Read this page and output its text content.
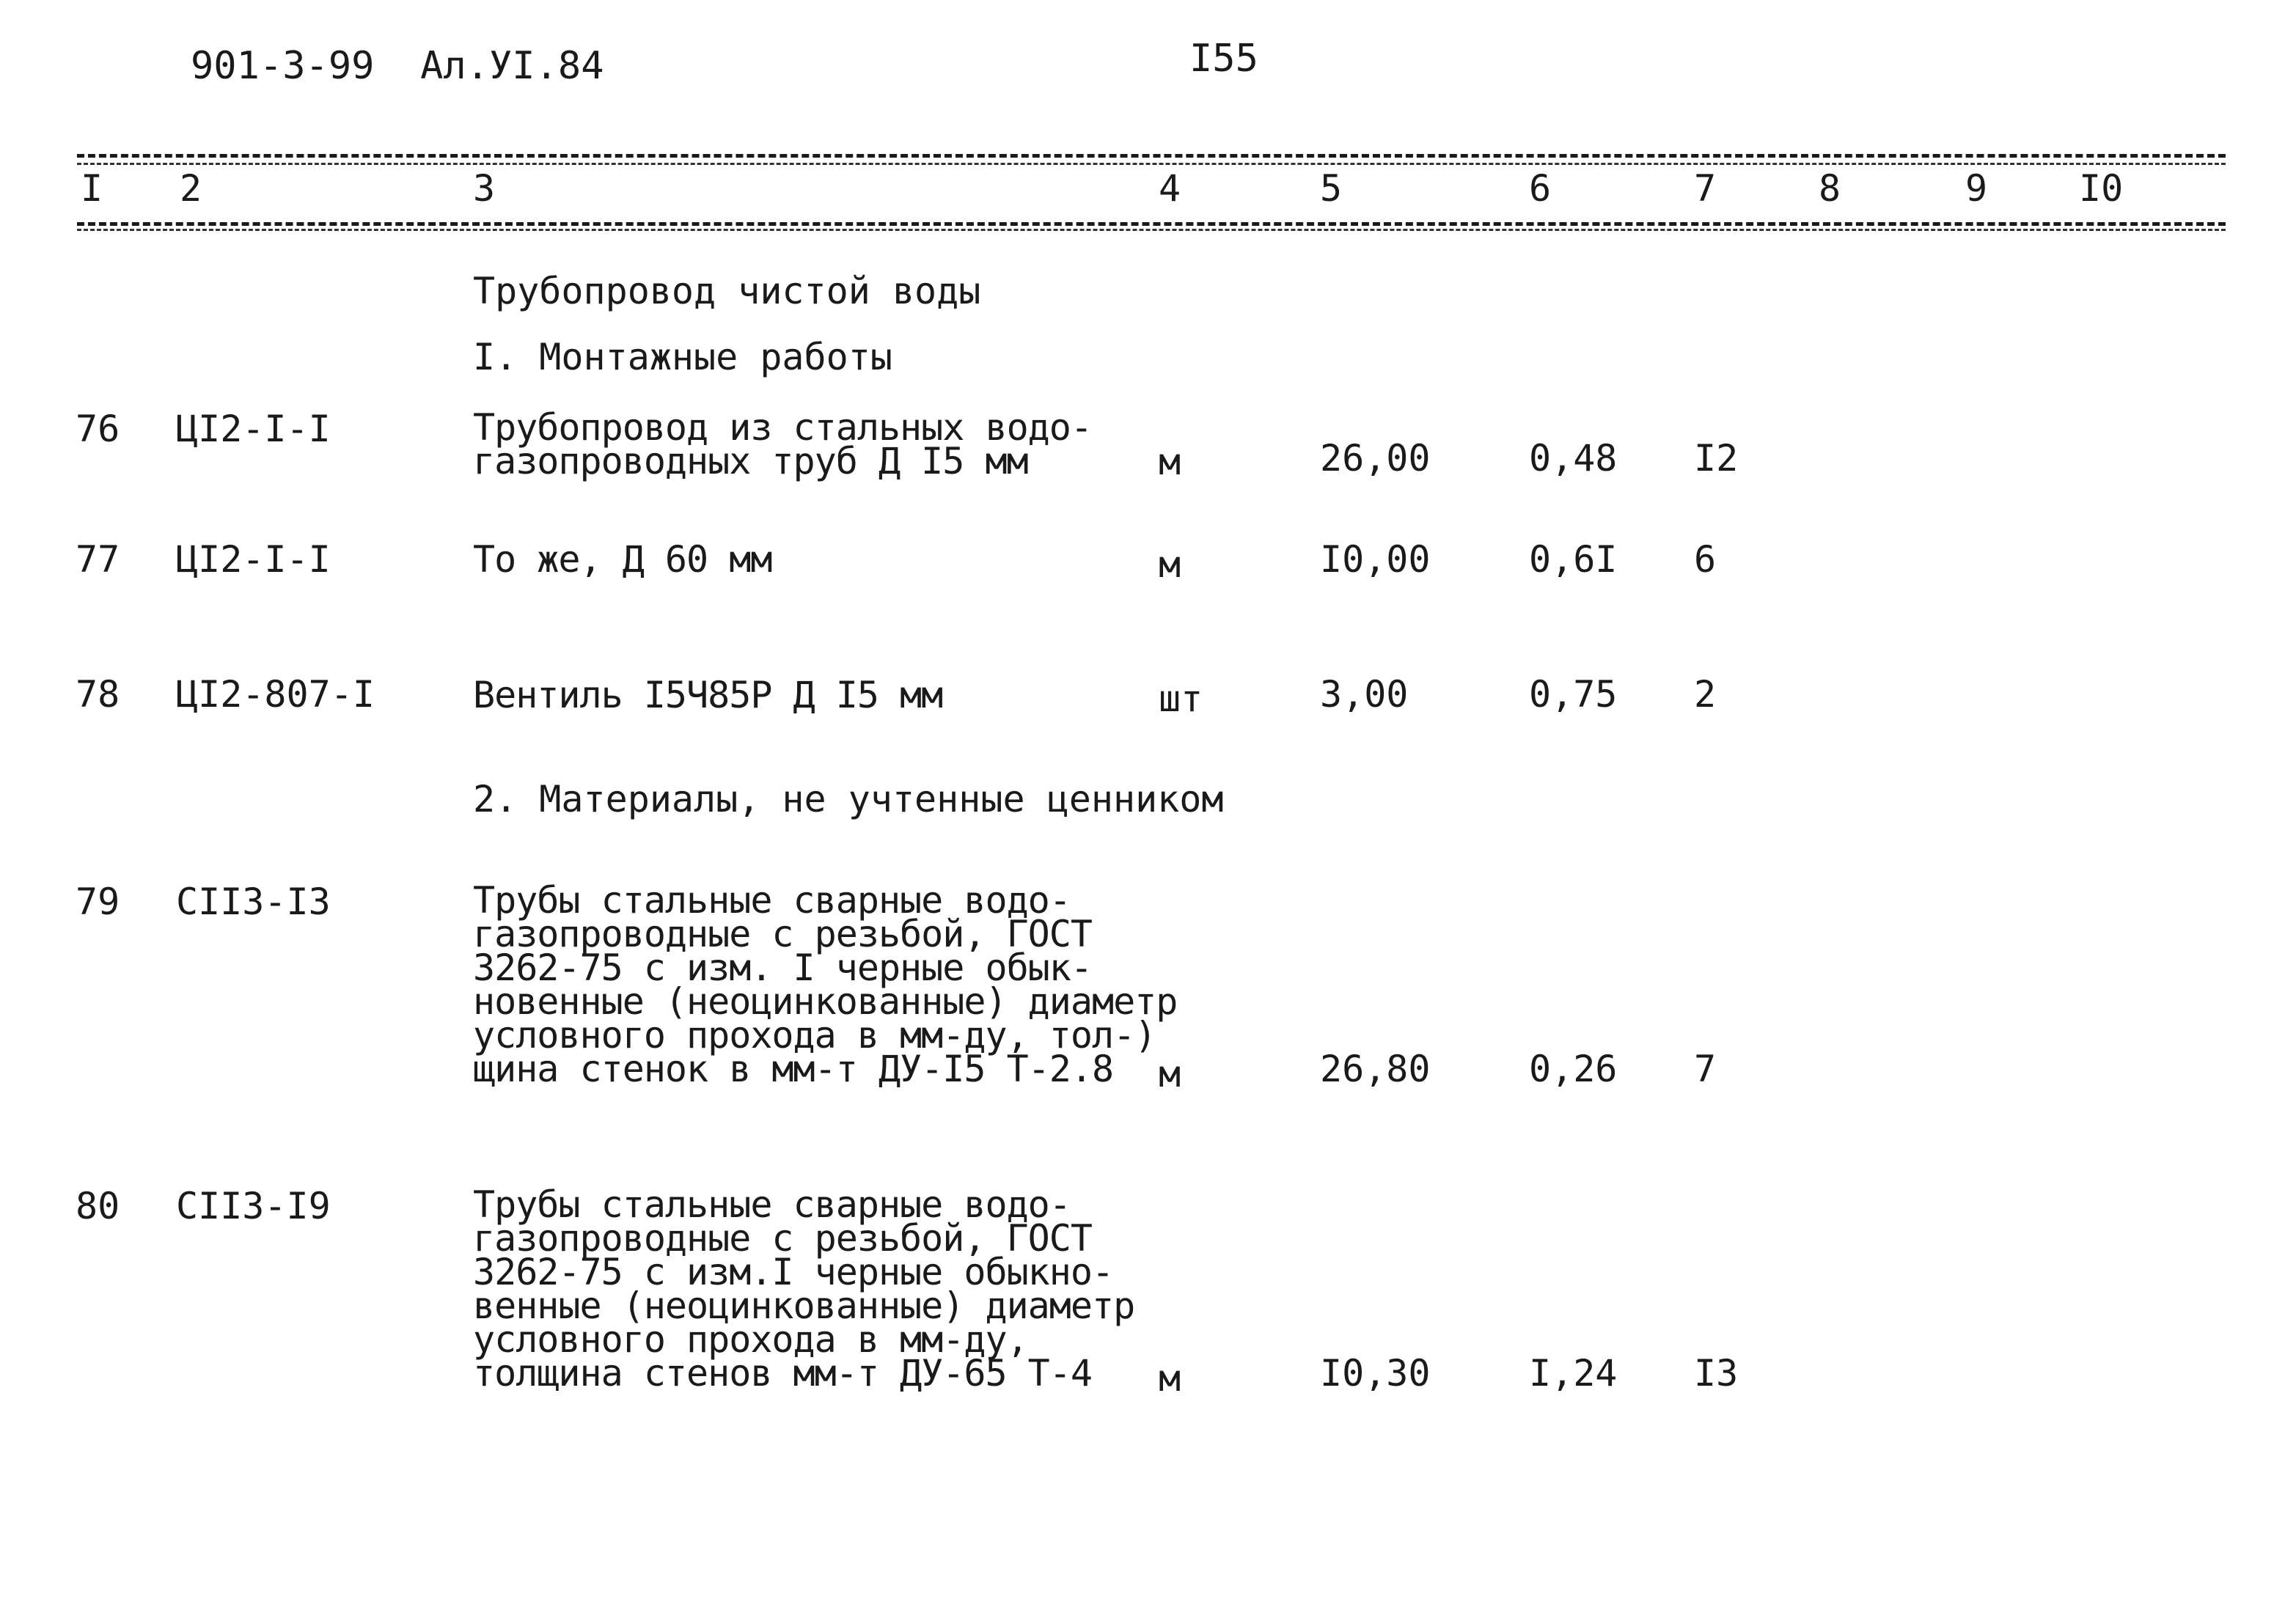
901-3-99  Ал.УI.84	I55
I 2	3	4	5	6	7	8	9 I0
Трубопровод чистой воды
I. Монтажные работы
76 ЦI2-I-I	Трубопровод из стальных водо-
газопроводных труб Д I5 мм	м	26,00	0,48 I2
77 ЦI2-I-I	То же, Д 60 мм	м	I0,00	0,6I 6
78 ЦI2-807-I	Вентиль I5Ч85Р Д I5 мм	шт	3,00	0,75 2
2. Материалы, не учтенные ценником
79 СII3-I3	Трубы стальные сварные водо-
газопроводные с резьбой, ГОСТ
3262-75 с изм. I черные обык-
новенные (неоцинкованные) диаметр
условного прохода в мм-ду, тол-)
щина стенок в мм-т ДУ-I5 Т-2.8	м	26,80	0,26 7
80 СII3-I9	Трубы стальные сварные водо-
газопроводные с резьбой, ГОСТ
3262-75 с изм.I черные обыкно-
венные (неоцинкованные) диаметр
условного прохода в мм-ду,
толщина стенов мм-т ДУ-65 Т-4	м	I0,30	I,24 I3
